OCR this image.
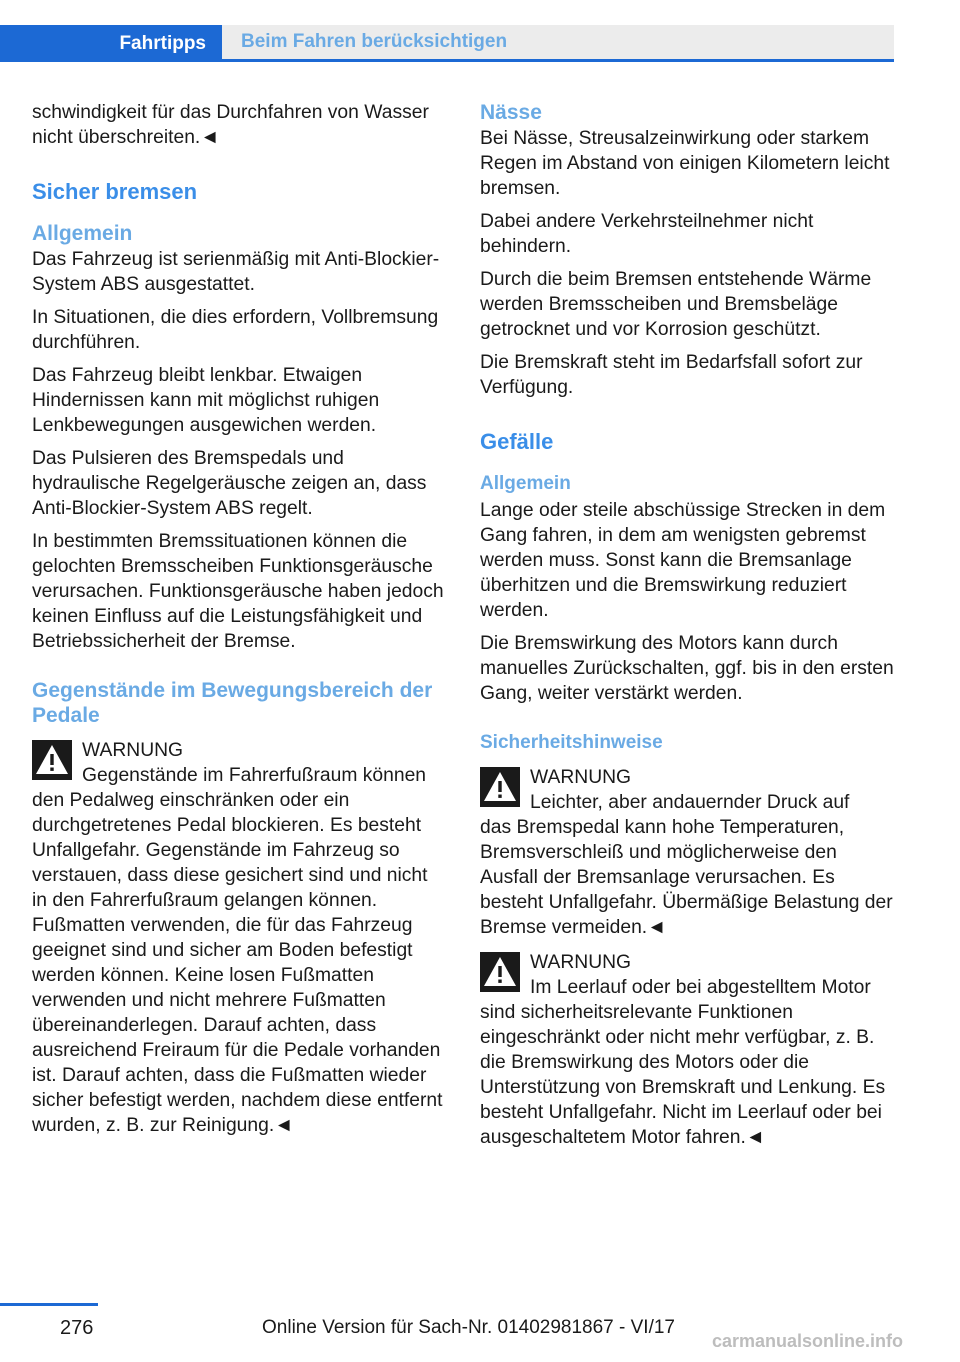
Fahrtipps Beim Fahren berücksichtigen

schwindigkeit für das Durchfahren von Wasser nicht überschreiten.◄

Sicher bremsen
Allgemein

Das Fahrzeug ist serienmäßig mit Anti-Blockier-System ABS ausgestattet.

In Situationen, die dies erfordern, Vollbremsung durchführen.

Das Fahrzeug bleibt lenkbar. Etwaigen Hindernissen kann mit möglichst ruhigen Lenkbewegungen ausgewichen werden.

Das Pulsieren des Bremspedals und hydraulische Regelgeräusche zeigen an, dass Anti-Blockier-System ABS regelt.

In bestimmten Bremssituationen können die gelochten Bremsscheiben Funktionsgeräusche verursachen. Funktionsgeräusche haben jedoch keinen Einfluss auf die Leistungsfähigkeit und Betriebssicherheit der Bremse.

Gegenstände im Bewegungsbereich der Pedale
WARNUNG
Gegenstände im Fahrerfußraum können

den Pedalweg einschränken oder ein durchgetretenes Pedal blockieren. Es besteht Unfallgefahr. Gegenstände im Fahrzeug so verstauen, dass diese gesichert sind und nicht in den Fahrerfußraum gelangen können. Fußmatten verwenden, die für das Fahrzeug geeignet sind und sicher am Boden befestigt werden können. Keine losen Fußmatten verwenden und nicht mehrere Fußmatten übereinanderlegen. Darauf achten, dass ausreichend Freiraum für die Pedale vorhanden ist. Darauf achten, dass die Fußmatten wieder sicher befestigt werden, nachdem diese entfernt wurden, z. B. zur Reinigung.◄

Nässe

Bei Nässe, Streusalzeinwirkung oder starkem Regen im Abstand von einigen Kilometern leicht bremsen.

Dabei andere Verkehrsteilnehmer nicht behindern.

Durch die beim Bremsen entstehende Wärme werden Bremsscheiben und Bremsbeläge getrocknet und vor Korrosion geschützt.

Die Bremskraft steht im Bedarfsfall sofort zur Verfügung.

Gefälle
Allgemein

Lange oder steile abschüssige Strecken in dem Gang fahren, in dem am wenigsten gebremst werden muss. Sonst kann die Bremsanlage überhitzen und die Bremswirkung reduziert werden.

Die Bremswirkung des Motors kann durch manuelles Zurückschalten, ggf. bis in den ersten Gang, weiter verstärkt werden.

Sicherheitshinweise
WARNUNG
Leichter, aber andauernder Druck auf

das Bremspedal kann hohe Temperaturen, Bremsverschleiß und möglicherweise den Ausfall der Bremsanlage verursachen. Es besteht Unfallgefahr. Übermäßige Belastung der Bremse vermeiden.◄

WARNUNG
Im Leerlauf oder bei abgestelltem Motor

sind sicherheitsrelevante Funktionen eingeschränkt oder nicht mehr verfügbar, z. B. die Bremswirkung des Motors oder die Unterstützung von Bremskraft und Lenkung. Es besteht Unfallgefahr. Nicht im Leerlauf oder bei ausgeschaltetem Motor fahren.◄

276	Online Version für Sach-Nr. 01402981867 - VI/17
carmanualsonline.info
